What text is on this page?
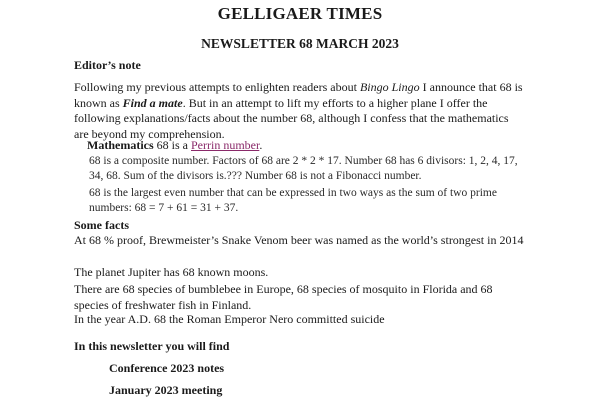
GELLIGAER TIMES
NEWSLETTER 68 MARCH 2023
Editor’s note
Following my previous attempts to enlighten readers about Bingo Lingo I announce that 68 is known as Find a mate. But in an attempt to lift my efforts to a higher plane I offer the following explanations/facts about the number 68, although I confess that the mathematics are beyond my comprehension.
Mathematics 68 is a Perrin number.
68 is a composite number. Factors of 68 are 2 * 2 * 17. Number 68 has 6 divisors: 1, 2, 4, 17, 34, 68. Sum of the divisors is.??? Number 68 is not a Fibonacci number.
68 is the largest even number that can be expressed in two ways as the sum of two prime numbers: 68 = 7 + 61 = 31 + 37.
Some facts
At 68 % proof, Brewmeister’s Snake Venom beer was named as the world’s strongest in 2014
The planet Jupiter has 68 known moons.
There are 68 species of bumblebee in Europe, 68 species of mosquito in Florida and 68 species of freshwater fish in Finland.
In the year A.D. 68 the Roman Emperor Nero committed suicide
In this newsletter you will find
Conference 2023 notes
January 2023 meeting
